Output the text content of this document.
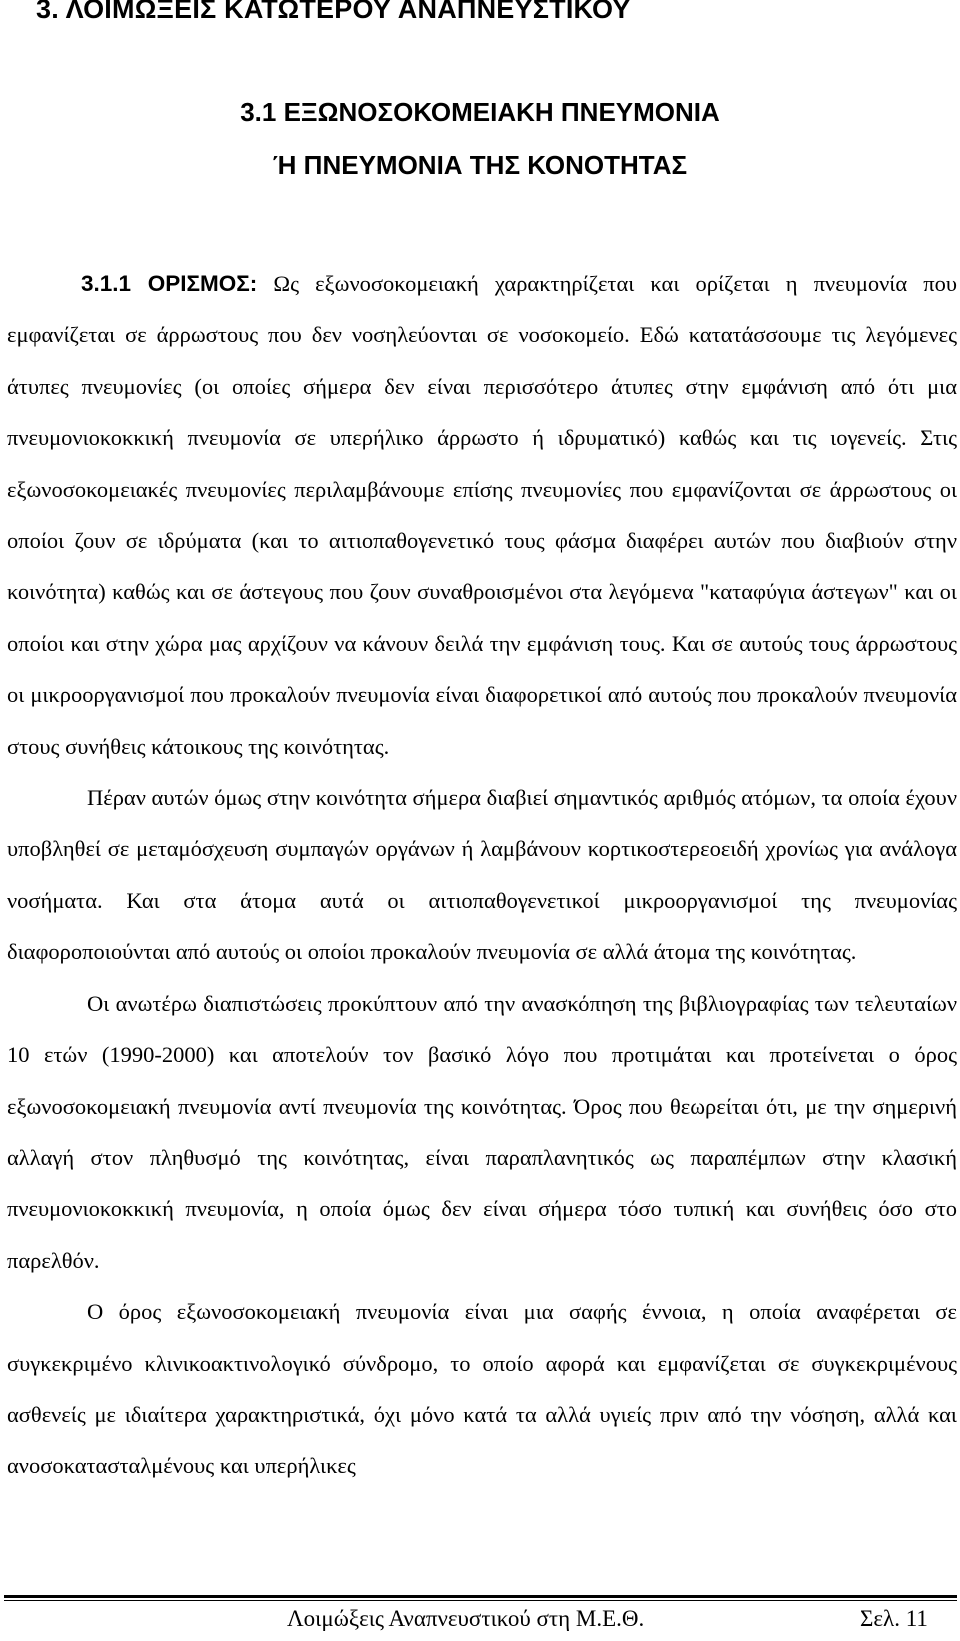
3. ΛΟΙΜΩΞΕΙΣ ΚΑΤΩΤΕΡΟΥ ΑΝΑΠΝΕΥΣΤΙΚΟΥ
3.1 ΕΞΩΝΟΣΟΚΟΜΕΙΑΚΗ ΠΝΕΥΜΟΝΙΑ
Ή ΠΝΕΥΜΟΝΙΑ ΤΗΣ ΚΟΝΟΤΗΤΑΣ

3.1.1 ΟΡΙΣΜΟΣ: Ως εξωνοσοκομειακή χαρακτηρίζεται και ορίζεται η πνευμονία που εμφανίζεται σε άρρωστους που δεν νοσηλεύονται σε νοσοκομείο. Εδώ κατατάσσουμε τις λεγόμενες άτυπες πνευμονίες (οι οποίες σήμερα δεν είναι περισσότερο άτυπες στην εμφάνιση από ότι μια πνευμονιοκοκκική πνευμονία σε υπερήλικο άρρωστο ή ιδρυματικό) καθώς και τις ιογενείς. Στις εξωνοσοκομειακές πνευμονίες περιλαμβάνουμε επίσης πνευμονίες που εμφανίζονται σε άρρωστους οι οποίοι ζουν σε ιδρύματα (και το αιτιοπαθογενετικό τους φάσμα διαφέρει αυτών που διαβιούν στην κοινότητα) καθώς και σε άστεγους που ζουν συναθροισμένοι στα λεγόμενα "καταφύγια άστεγων" και οι οποίοι και στην χώρα μας αρχίζουν να κάνουν δειλά την εμφάνιση τους. Και σε αυτούς τους άρρωστους οι μικροοργανισμοί που προκαλούν πνευμονία είναι διαφορετικοί από αυτούς που προκαλούν πνευμονία στους συνήθεις κάτοικους της κοινότητας.

Πέραν αυτών όμως στην κοινότητα σήμερα διαβιεί σημαντικός αριθμός ατόμων, τα οποία έχουν υποβληθεί σε μεταμόσχευση συμπαγών οργάνων ή λαμβάνουν κορτικοστερεοειδή χρονίως για ανάλογα νοσήματα. Και στα άτομα αυτά οι αιτιοπαθογενετικοί μικροοργανισμοί της πνευμονίας διαφοροποιούνται από αυτούς οι οποίοι προκαλούν πνευμονία σε αλλά άτομα της κοινότητας.

Οι ανωτέρω διαπιστώσεις προκύπτουν από την ανασκόπηση της βιβλιογραφίας των τελευταίων 10 ετών (1990-2000) και αποτελούν τον βασικό λόγο που προτιμάται και προτείνεται ο όρος εξωνοσοκομειακή πνευμονία αντί πνευμονία της κοινότητας. Όρος που θεωρείται ότι, με την σημερινή αλλαγή στον πληθυσμό της κοινότητας, είναι παραπλανητικός ως παραπέμπων στην κλασική πνευμονιοκοκκική πνευμονία, η οποία όμως δεν είναι σήμερα τόσο τυπική και συνήθεις όσο στο παρελθόν.

Ο όρος εξωνοσοκομειακή πνευμονία είναι μια σαφής έννοια, η οποία αναφέρεται σε συγκεκριμένο κλινικοακτινολογικό σύνδρομο, το οποίο αφορά και εμφανίζεται σε συγκεκριμένους ασθενείς με ιδιαίτερα χαρακτηριστικά, όχι μόνο κατά τα αλλά υγιείς πριν από την νόσηση, αλλά και ανοσοκατασταλμένους και υπερήλικες

Λοιμώξεις Αναπνευστικού στη Μ.Ε.Θ.	Σελ. 11
